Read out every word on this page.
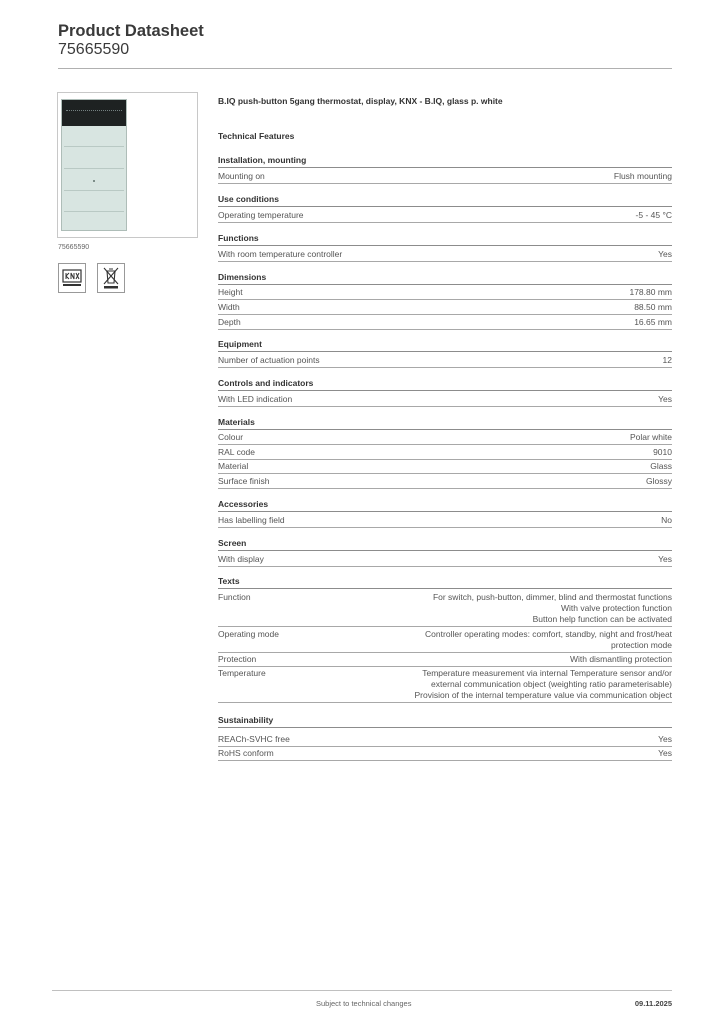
Product Datasheet
75665590
75665590
B.IQ push-button 5gang thermostat, display, KNX - B.IQ, glass p. white
Technical Features
Installation, mounting
Mounting on	Flush mounting
Use conditions
Operating temperature	-5 - 45 °C
Functions
With room temperature controller	Yes
Dimensions
Height	178.80 mm
Width	88.50 mm
Depth	16.65 mm
Equipment
Number of actuation points	12
Controls and indicators
With LED indication	Yes
Materials
Colour	Polar white
RAL code	9010
Material	Glass
Surface finish	Glossy
Accessories
Has labelling field	No
Screen
With display	Yes
Texts
Function	For switch, push-button, dimmer, blind and thermostat functions
With valve protection function
Button help function can be activated
Operating mode	Controller operating modes: comfort, standby, night and frost/heat
protection mode
Protection	With dismantling protection
Temperature	Temperature measurement via internal Temperature sensor and/or
external communication object (weighting ratio parameterisable)
Provision of the internal temperature value via communication object
Sustainability
REACh-SVHC free	Yes
RoHS conform	Yes
Subject to technical changes	09.11.2025
